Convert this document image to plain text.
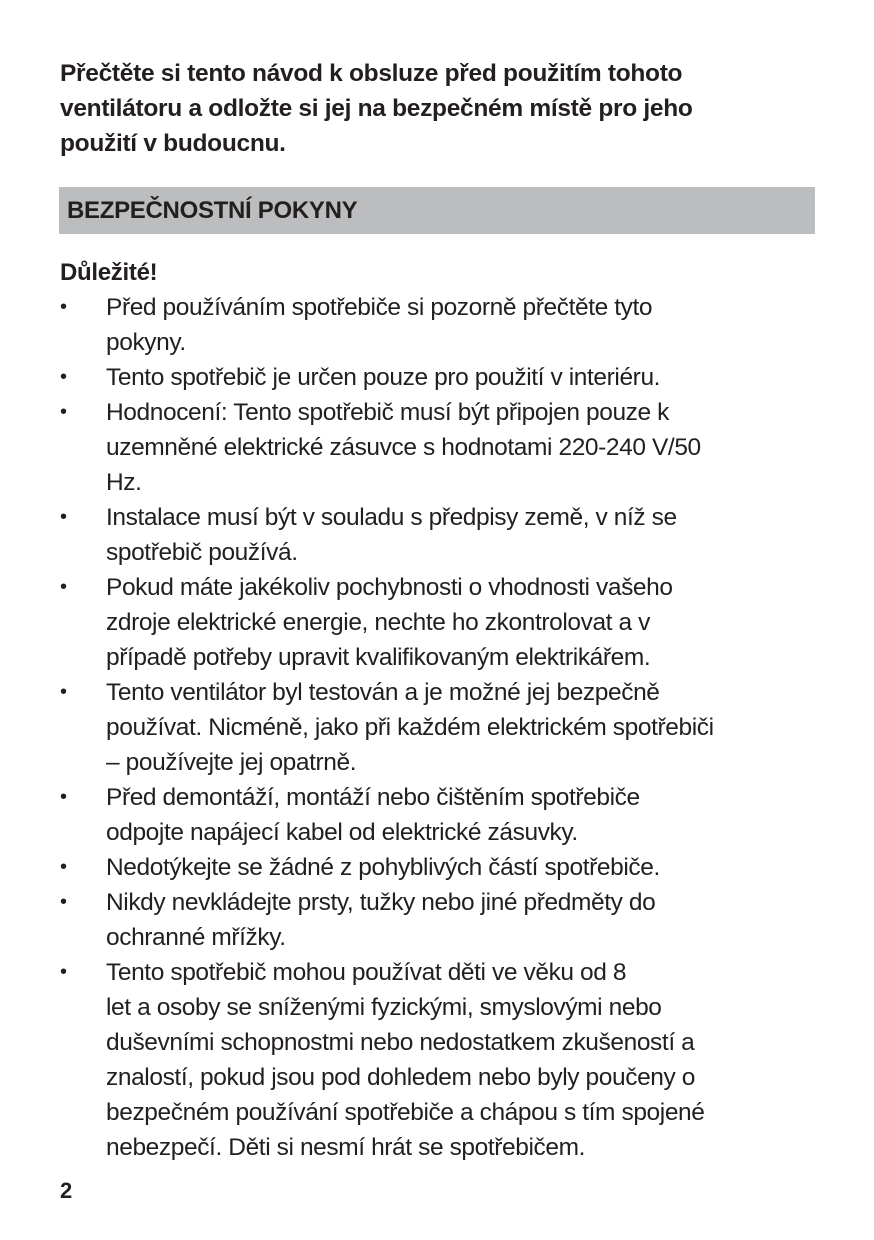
Přečtěte si tento návod k obsluze před použitím tohoto
ventilátoru a odložte si jej na bezpečném místě pro jeho
použití v budoucnu.
BEZPEČNOSTNÍ POKYNY
Důležité!
• Před používáním spotřebiče si pozorně přečtěte tyto
pokyny.
• Tento spotřebič je určen pouze pro použití v interiéru.
• Hodnocení: Tento spotřebič musí být připojen pouze k
uzemněné elektrické zásuvce s hodnotami 220-240 V/50
Hz.
• Instalace musí být v souladu s předpisy země, v níž se
spotřebič používá.
• Pokud máte jakékoliv pochybnosti o vhodnosti vašeho
zdroje elektrické energie, nechte ho zkontrolovat a v
případě potřeby upravit kvalifikovaným elektrikářem.
• Tento ventilátor byl testován a je možné jej bezpečně
používat. Nicméně, jako při každém elektrickém spotřebiči
– používejte jej opatrně.
• Před demontáží, montáží nebo čištěním spotřebiče
odpojte napájecí kabel od elektrické zásuvky.
• Nedotýkejte se žádné z pohyblivých částí spotřebiče.
• Nikdy nevkládejte prsty, tužky nebo jiné předměty do
ochranné mřížky.
• Tento spotřebič mohou používat děti ve věku od 8
let a osoby se sníženými fyzickými, smyslovými nebo
duševními schopnostmi nebo nedostatkem zkušeností a
znalostí, pokud jsou pod dohledem nebo byly poučeny o
bezpečném používání spotřebiče a chápou s tím spojené
nebezpečí. Děti si nesmí hrát se spotřebičem.
2
